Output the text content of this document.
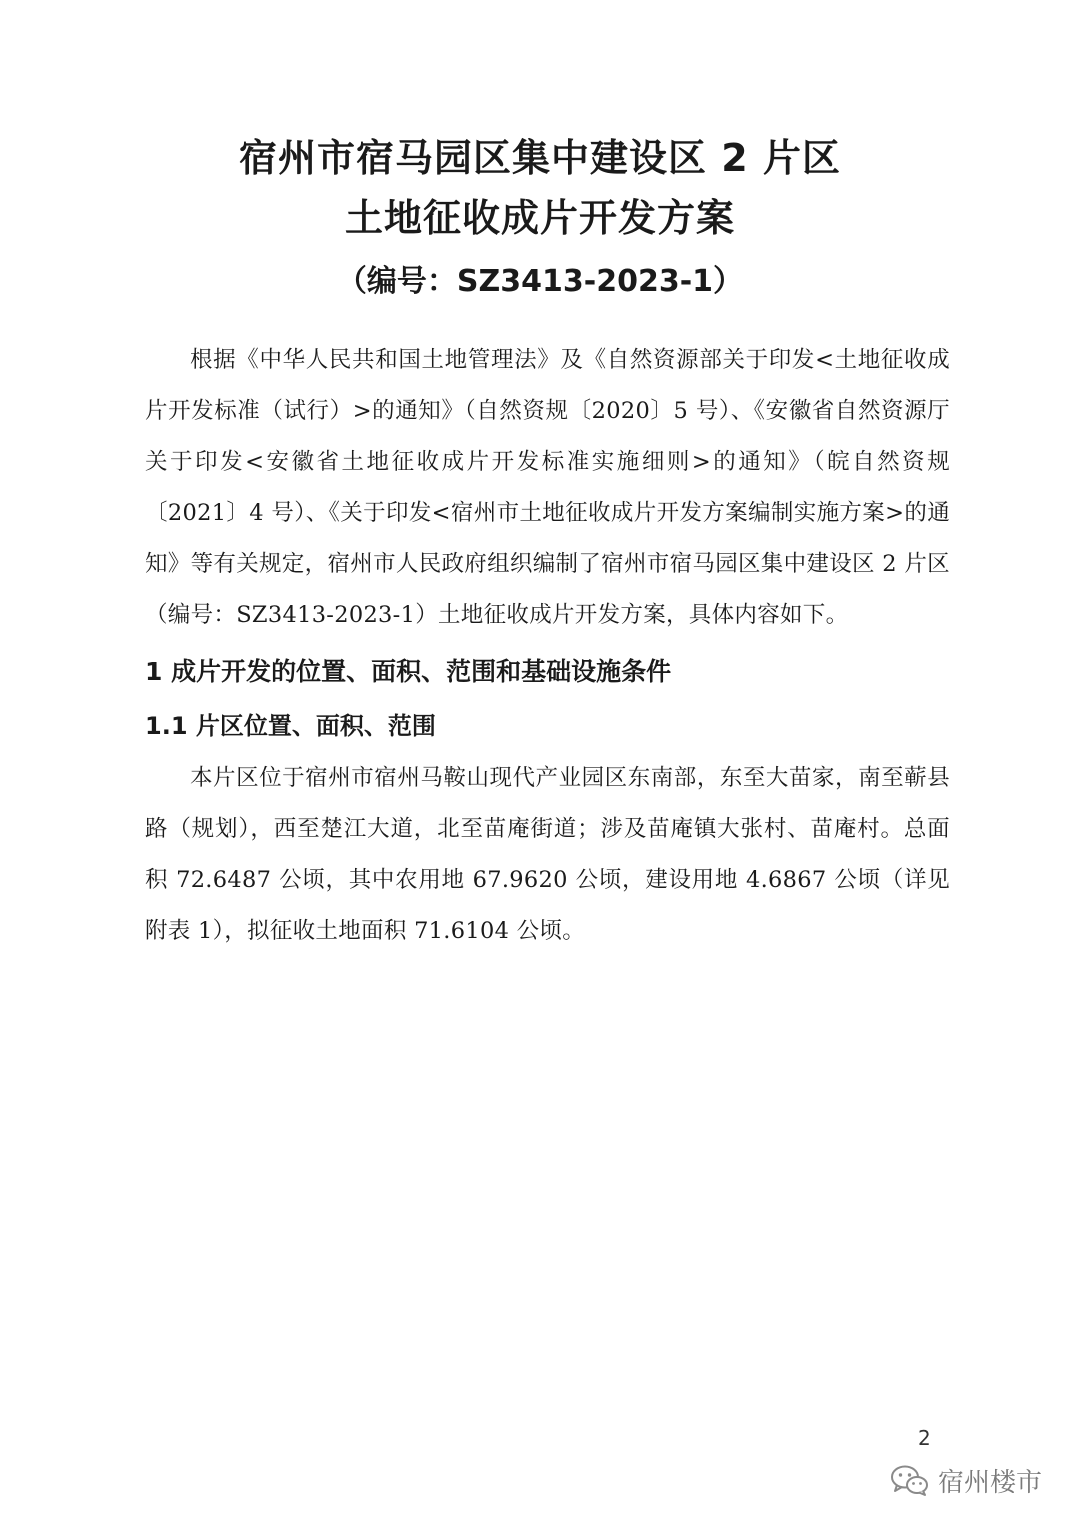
宿州市宿马园区集中建设区 2 片区
土地征收成片开发方案
（编号：SZ3413-2023-1）

根据《中华人民共和国土地管理法》及《自然资源部关于印发<土地征收成片开发标准（试行）>的通知》（自然资规〔2020〕5 号）、《安徽省自然资源厅关于印发<安徽省土地征收成片开发标准实施细则>的通知》（皖自然资规〔2021〕4 号）、《关于印发<宿州市土地征收成片开发方案编制实施方案>的通知》等有关规定，宿州市人民政府组织编制了宿州市宿马园区集中建设区 2 片区（编号：SZ3413-2023-1）土地征收成片开发方案，具体内容如下。

1 成片开发的位置、面积、范围和基础设施条件
1.1 片区位置、面积、范围

本片区位于宿州市宿州马鞍山现代产业园区东南部，东至大苗家，南至蕲县路（规划），西至楚江大道，北至苗庵街道；涉及苗庵镇大张村、苗庵村。总面积 72.6487 公顷，其中农用地 67.9620 公顷，建设用地 4.6867 公顷（详见附表 1），拟征收土地面积 71.6104 公顷。

2
宿州楼市
